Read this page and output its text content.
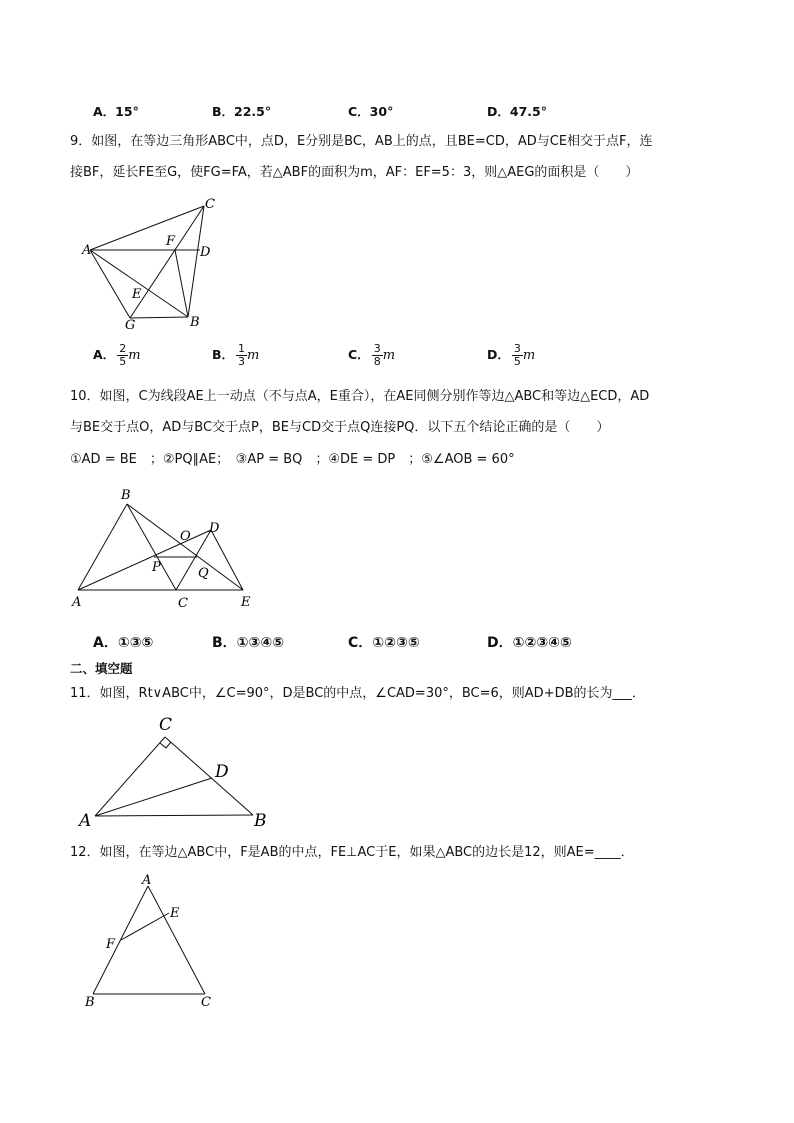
A．15°	B．22.5°	C．30°	D．47.5°
9．如图，在等边三角形ABC中，点D，E分别是BC，AB上的点，且BE=CD，AD与CE相交于点F，连
接BF，延长FE至G，使FG=FA，若△ABF的面积为m，AF：EF=5：3，则△AEG的面积是（　　）
A
C
F
D
E
G	B
A． $\frac{2}{5}$ m	B． $\frac{1}{3}$ m	C． $\frac{3}{8}$ m	D． $\frac{3}{5}$ m
10．如图，C为线段AE上一动点（不与点A，E重合），在AE同侧分别作等边△ABC和等边△ECD，AD
与BE交于点O，AD与BC交于点P，BE与CD交于点Q连接PQ．以下五个结论正确的是（　　）
①AD = BE　；②PQ∥AE；　③AP = BQ　；④DE = DP　；⑤∠AOB = 60°
B
D
O
P	Q
A	C	E
A．①③⑤	B．①③④⑤	C．①②③⑤	D．①②③④⑤
二、填空题
11．如图，Rt∨ABC中，∠C=90°，D是BC的中点，∠CAD=30°，BC=6，则AD+DB的长为___．
C
D
A	B
12．如图，在等边△ABC中，F是AB的中点，FE⊥AC于E，如果△ABC的边长是12，则AE=____．
A
E
F
B	C
